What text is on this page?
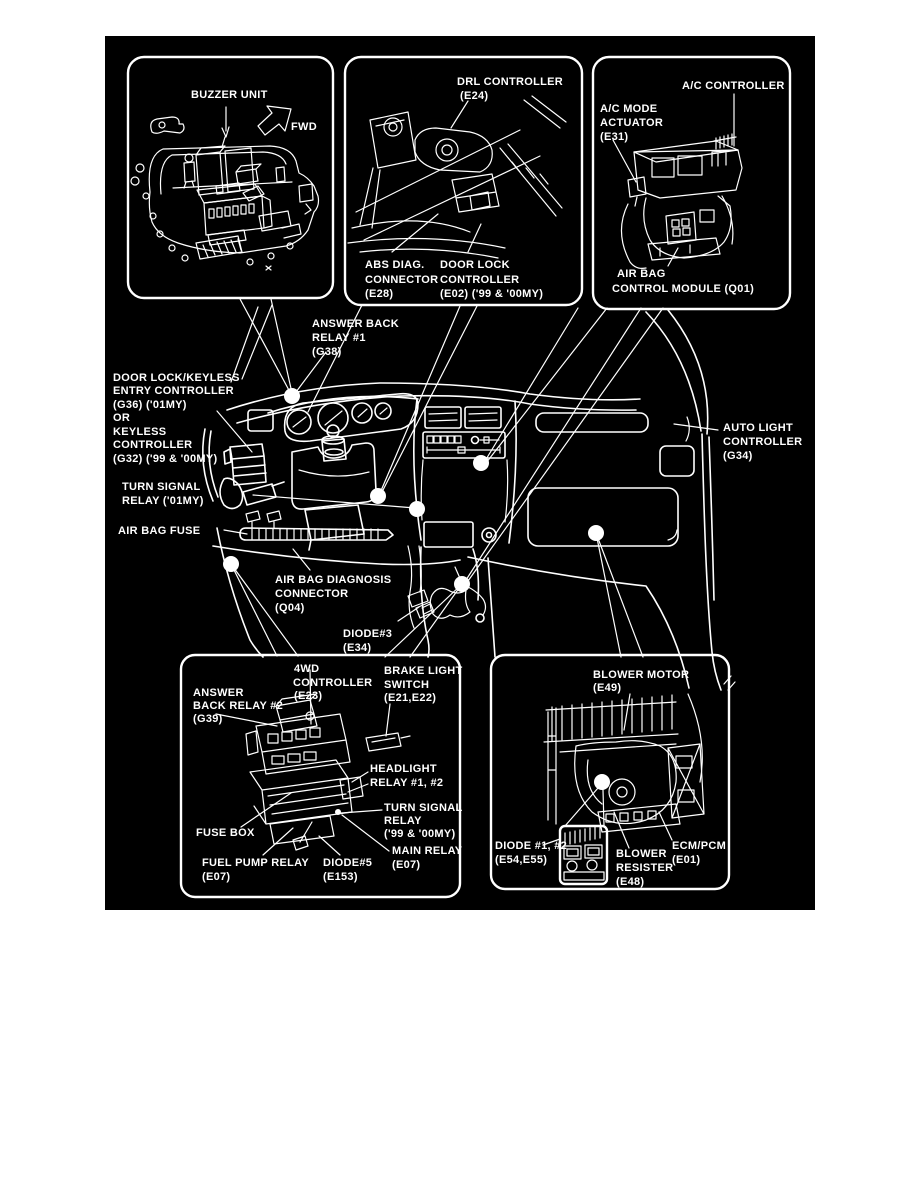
BUZZER UNIT
FWD
DRL CONTROLLER
(E24)
ABS DIAG.
CONNECTOR
(E28)
DOOR LOCK
CONTROLLER
(E02) ('99 & '00MY)
A/C CONTROLLER
A/C MODE
ACTUATOR
(E31)
AIR BAG
CONTROL MODULE (Q01)
ANSWER BACK
RELAY #1
(G38)
DOOR LOCK/KEYLESS
ENTRY CONTROLLER
(G36) ('01MY)
OR
KEYLESS
CONTROLLER
(G32) ('99 & '00MY)
TURN SIGNAL
RELAY ('01MY)
AIR BAG FUSE
AUTO LIGHT
CONTROLLER
(G34)
AIR BAG DIAGNOSIS
CONNECTOR
(Q04)
DIODE#3
(E34)
4WD
CONTROLLER
(E23)
BRAKE LIGHT
SWITCH
(E21,E22)
ANSWER
BACK RELAY #2
(G39)
HEADLIGHT
RELAY #1, #2
TURN SIGNAL
RELAY
('99 & '00MY)
MAIN RELAY
(E07)
FUSE BOX
FUEL PUMP RELAY
(E07)
DIODE#5
(E153)
BLOWER MOTOR
(E49)
DIODE #1, #2
(E54,E55)	BLOWER
RESISTER
(E48)
ECM/PCM
(E01)
